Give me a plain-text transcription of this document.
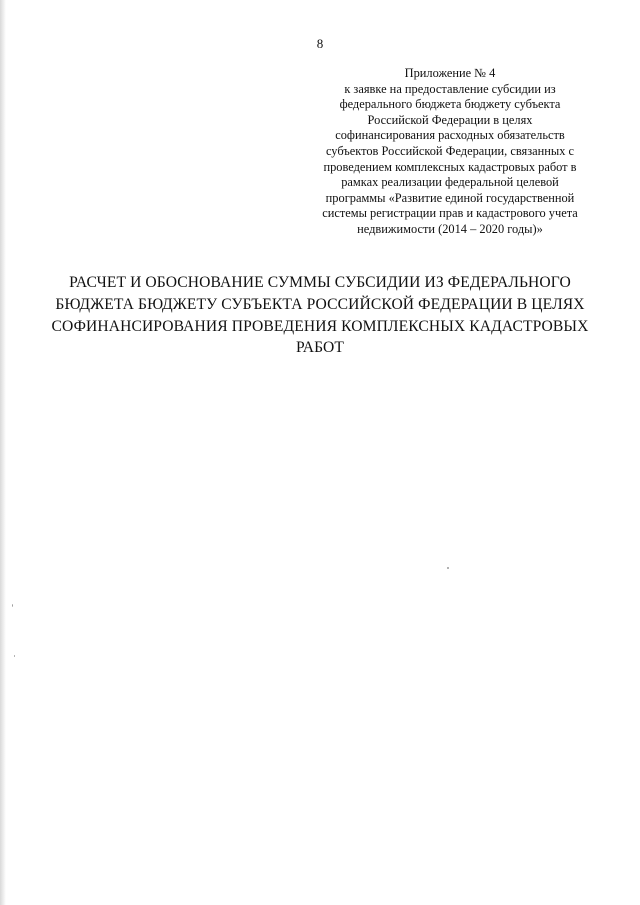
8
Приложение № 4
к заявке на предоставление субсидии из
федерального бюджета бюджету субъекта
Российской Федерации в целях
софинансирования расходных обязательств
субъектов Российской Федерации, связанных с
проведением комплексных кадастровых работ в
рамках реализации федеральной целевой
программы «Развитие единой государственной
системы регистрации прав и кадастрового учета
недвижимости (2014 – 2020 годы)»
РАСЧЕТ И ОБОСНОВАНИЕ СУММЫ СУБСИДИИ ИЗ ФЕДЕРАЛЬНОГО
БЮДЖЕТА БЮДЖЕТУ СУБЪЕКТА РОССИЙСКОЙ ФЕДЕРАЦИИ В ЦЕЛЯХ
СОФИНАНСИРОВАНИЯ ПРОВЕДЕНИЯ КОМПЛЕКСНЫХ КАДАСТРОВЫХ
РАБОТ
